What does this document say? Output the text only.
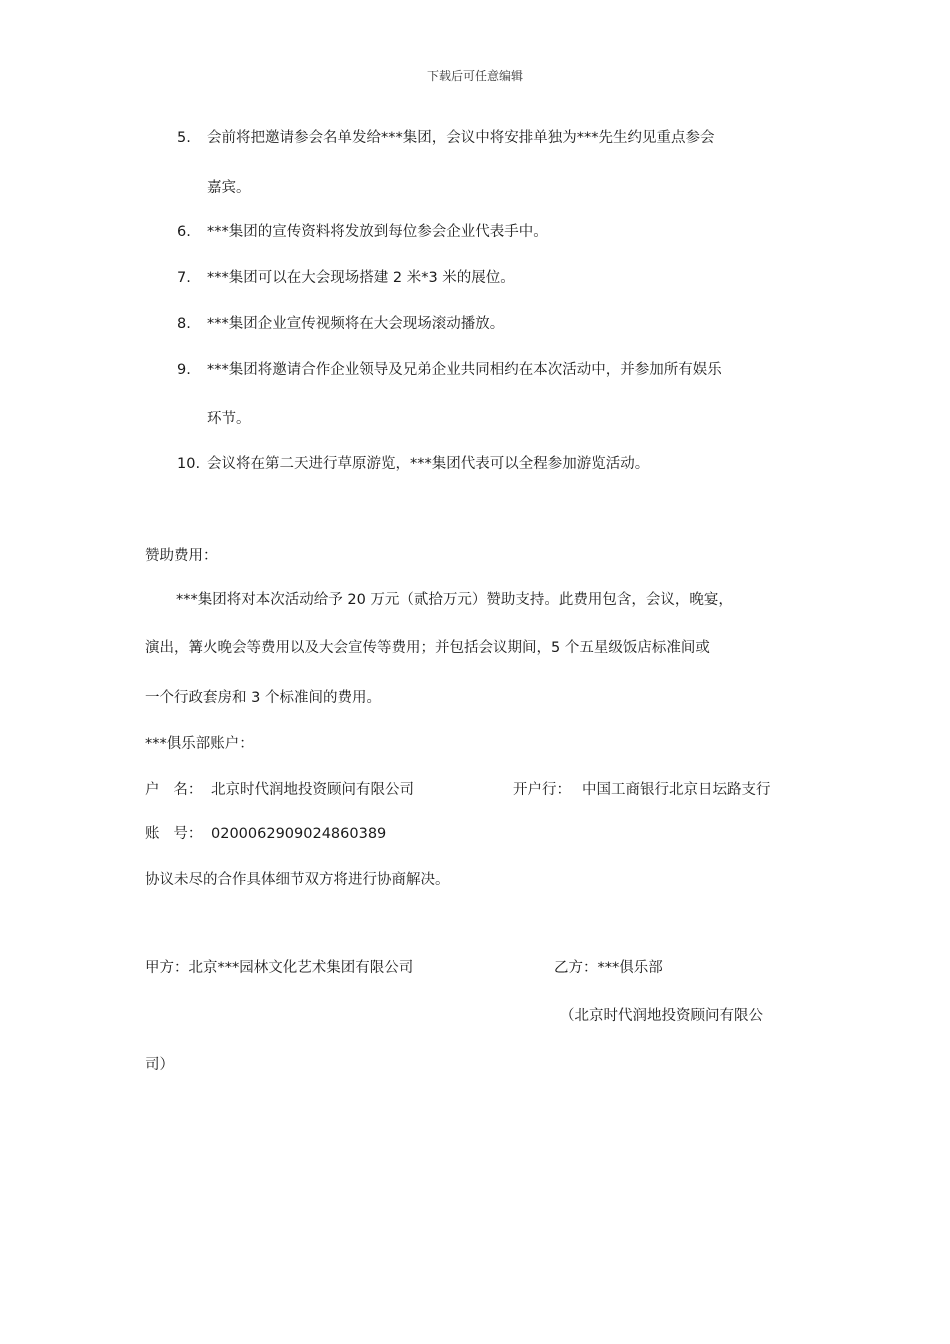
下载后可任意编辑
5. 会前将把邀请参会名单发给***集团，会议中将安排单独为***先生约见重点参会
嘉宾。
6. ***集团的宣传资料将发放到每位参会企业代表手中。
7. ***集团可以在大会现场搭建 2 米*3 米的展位。
8. ***集团企业宣传视频将在大会现场滚动播放。
9. ***集团将邀请合作企业领导及兄弟企业共同相约在本次活动中，并参加所有娱乐
环节。
10. 会议将在第二天进行草原游览，***集团代表可以全程参加游览活动。
赞助费用：
***集团将对本次活动给予 20 万元（贰拾万元）赞助支持。此费用包含，会议，晚宴，
演出，篝火晚会等费用以及大会宣传等费用；并包括会议期间，5 个五星级饭店标准间或
一个行政套房和 3 个标准间的费用。
***俱乐部账户：
户   名： 北京时代润地投资顾问有限公司	开户行： 中国工商银行北京日坛路支行
账   号： 0200062909024860389
协议未尽的合作具体细节双方将进行协商解决。
甲方：北京***园林文化艺术集团有限公司	乙方：***俱乐部
（北京时代润地投资顾问有限公
司）
